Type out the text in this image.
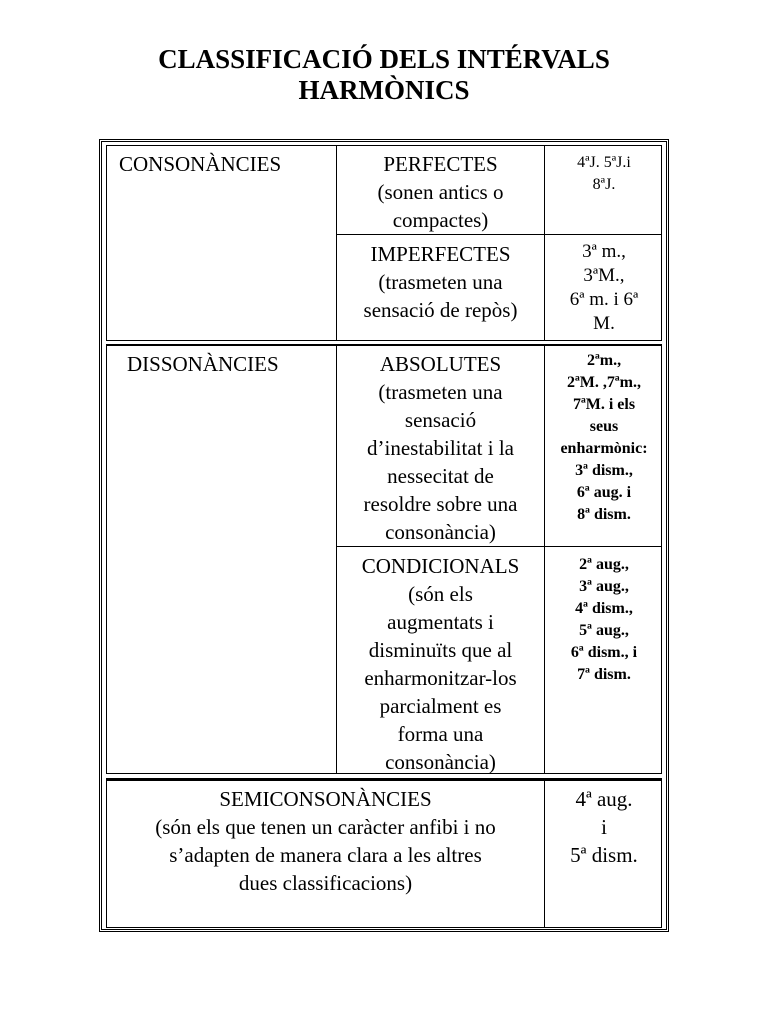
CLASSIFICACIÓ DELS INTÉRVALS
HARMÒNICS
CONSONÀNCIES	PERFECTES
(sonen antics o
compactes)
4ªJ. 5ªJ.i
8ªJ.
IMPERFECTES
(trasmeten una
sensació de repòs)
3ª m.,
3ªM.,
6ª m. i 6ª
M.
DISSONÀNCIES	ABSOLUTES
(trasmeten una
sensació
d’inestabilitat i la
nessecitat de
resoldre sobre una
consonància)
2ªm.,
2ªM. ,7ªm.,
7ªM. i els
seus
enharmònic:
3ª dism.,
6ª aug. i
8ª dism.
CONDICIONALS
(són els
augmentats i
disminuïts que al
enharmonitzar-los
parcialment es
forma una
consonància)
2ª aug.,
3ª aug.,
4ª dism.,
5ª aug.,
6ª dism., i
7ª dism.
SEMICONSONÀNCIES
(són els que tenen un caràcter anfibi i no
s’adapten de manera clara a les altres
dues classificacions)
4ª aug.
i
5ª dism.
